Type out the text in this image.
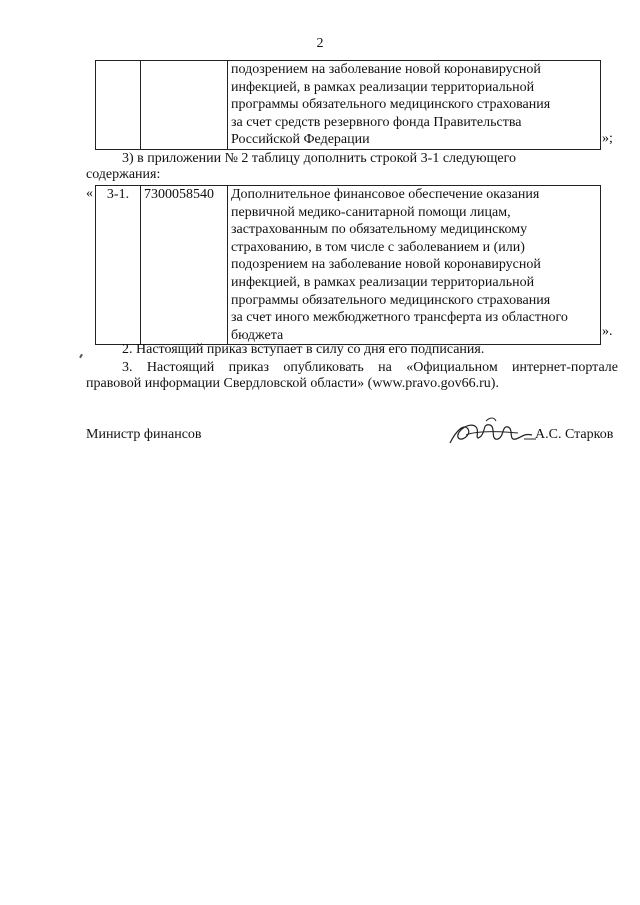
2

подозрением на заболевание новой коронавирусной
инфекцией, в рамках реализации территориальной
программы обязательного медицинского страхования
за счет средств резервного фонда Правительства
Российской Федерации	»;
3) в приложении № 2 таблицу дополнить строкой 3-1 следующего

содержания:
« 3-1.	7300058540	Дополнительное финансовое обеспечение оказания
первичной медико-санитарной помощи лицам,
застрахованным по обязательному медицинскому
страхованию, в том числе с заболеванием и (или)
подозрением на заболевание новой коронавирусной
инфекцией, в рамках реализации территориальной
программы обязательного медицинского страхования
за счет иного межбюджетного трансферта из областного
бюджета	».
2. Настоящий приказ вступает в силу со дня его подписания.
3. Настоящий приказ опубликовать на «Официальном интернет-портале
правовой информации Свердловской области» (www.pravo.gov66.ru).
Министр финансов	А.С. Старков
